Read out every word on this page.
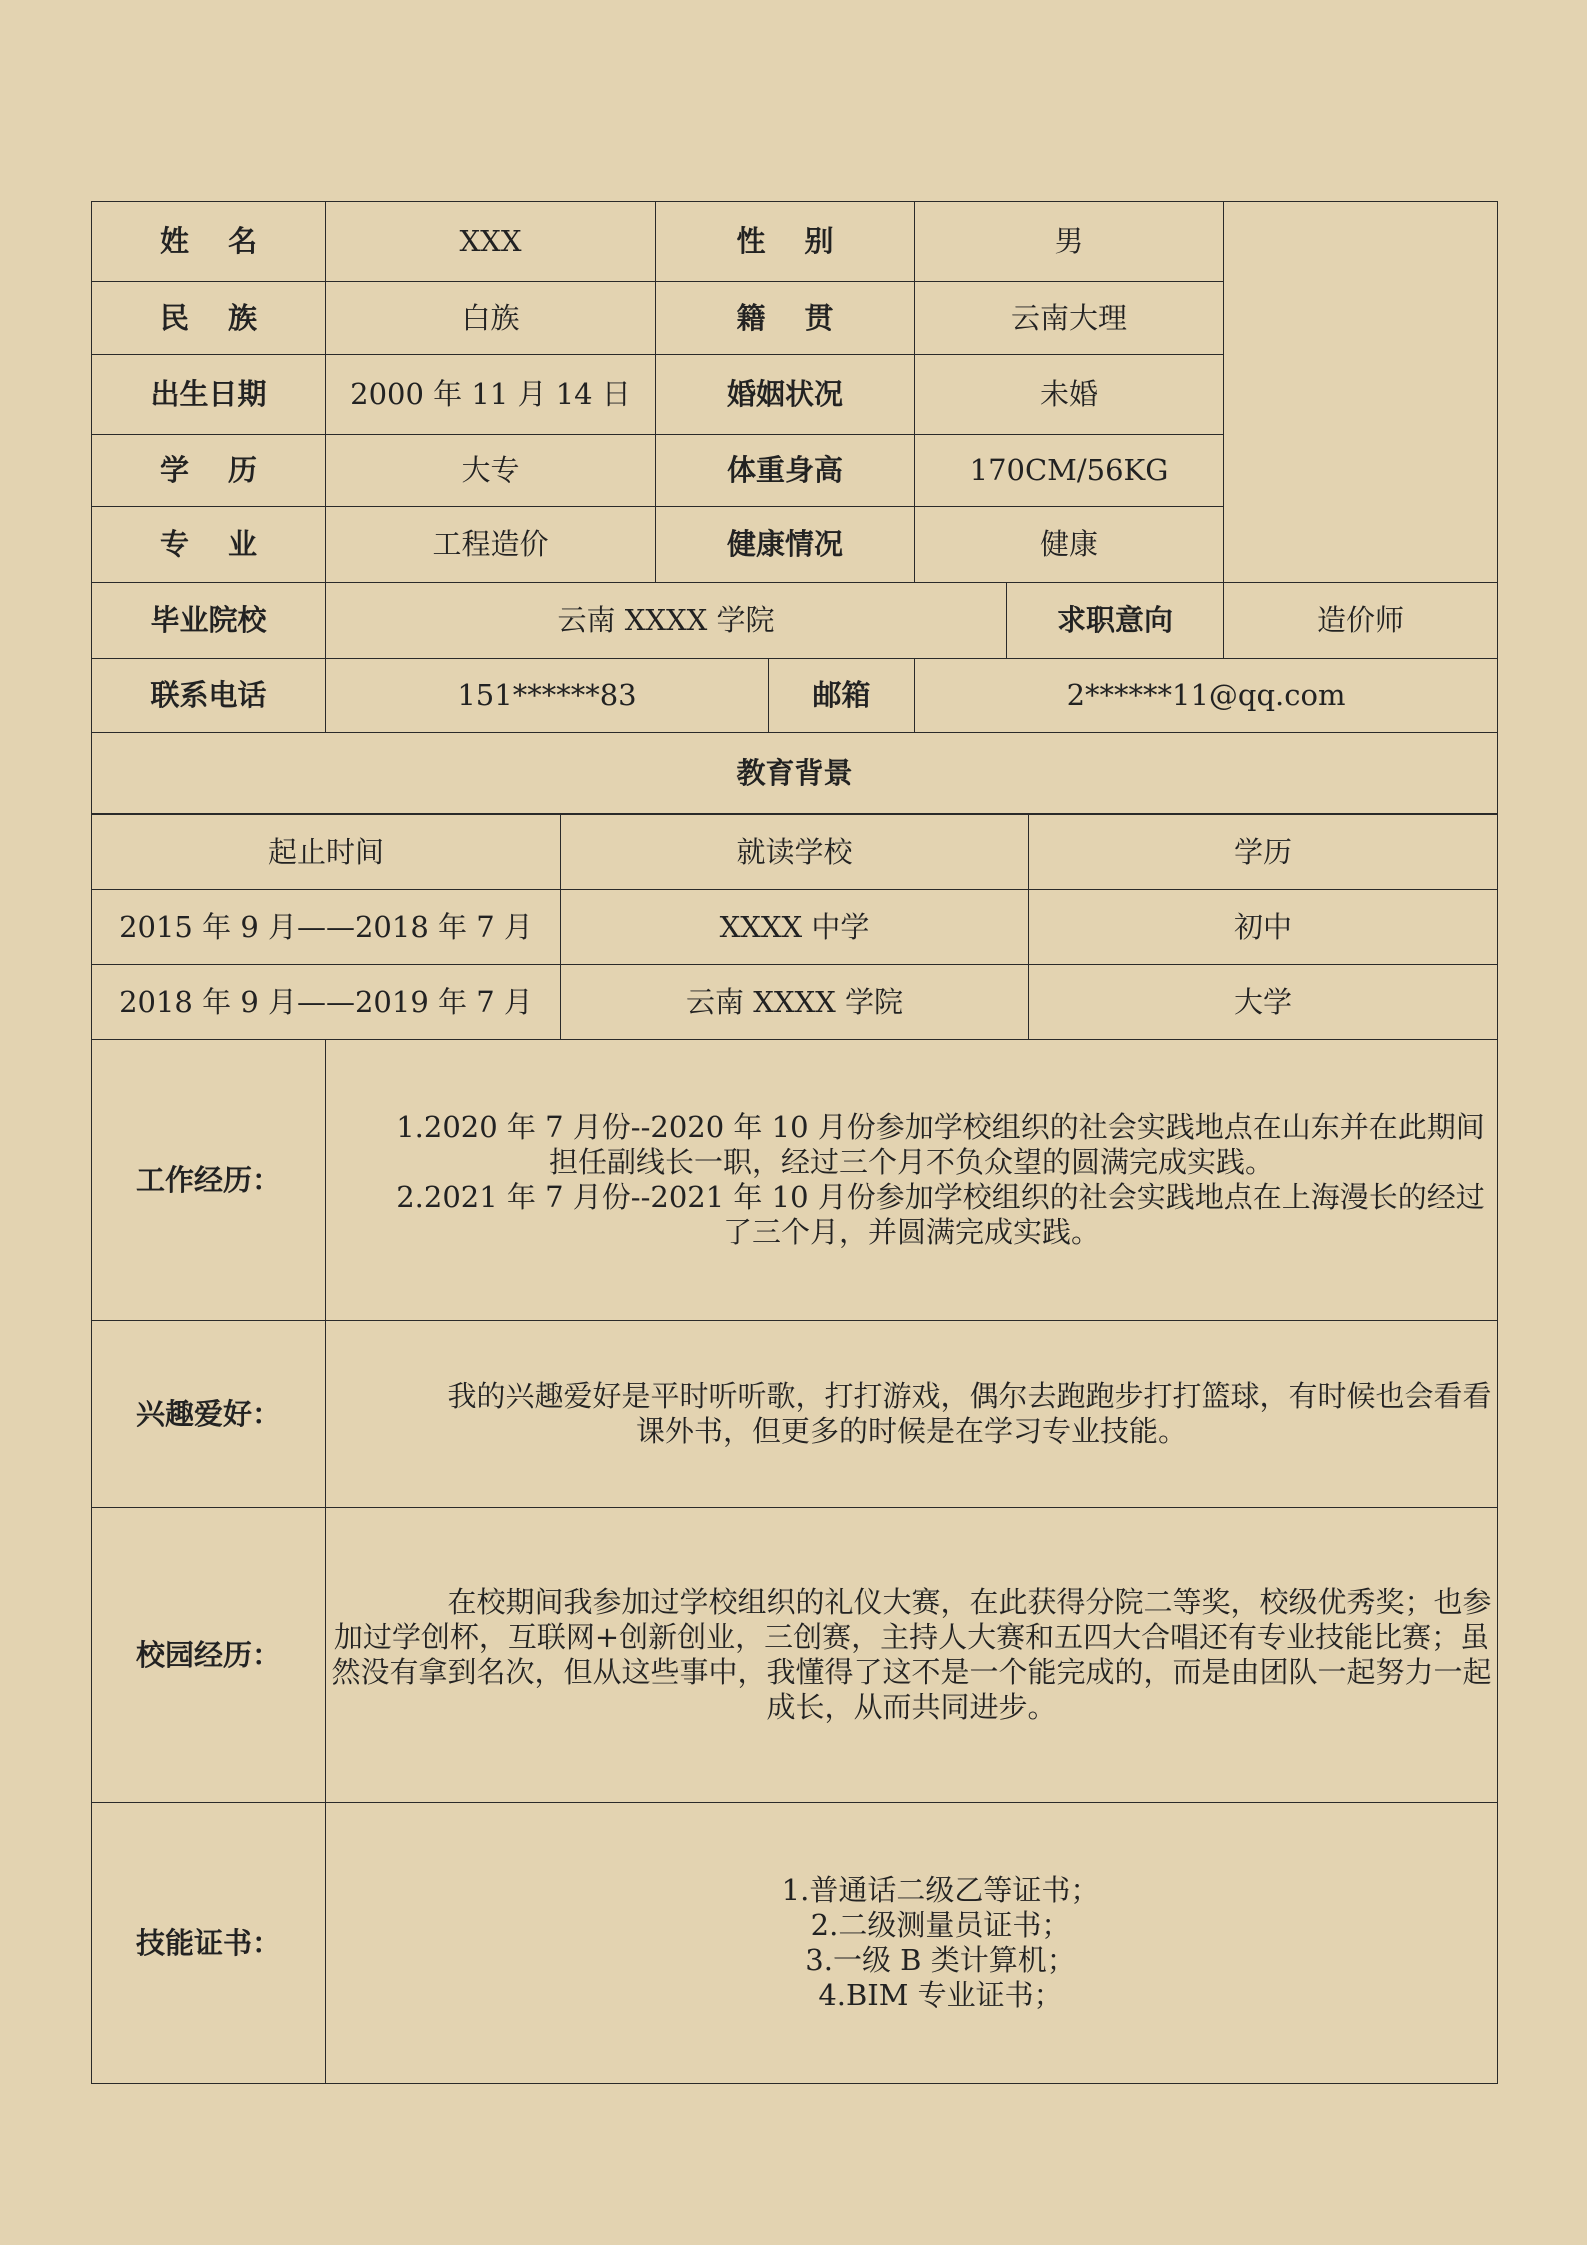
姓 名	XXX	性 别		男		
民 族	白族	籍 贯		云南大理		
出生日期	2000 年 11 月 14 日	婚姻状况		未婚		
学 历	大专	体重身高		170CM/56KG		
专 业	工程造价	健康情况		健康		
毕业院校	云南 XXXX 学院				求职意向	造价师
联系电话	151******83		邮箱	2******11@qq.com		
教育背景						
起止时间	就读学校	学历
2015 年 9 月——2018 年 7 月	XXXX 中学	初中
2018 年 9 月——2019 年 7 月	云南 XXXX 学院	大学
工作经历：	1.2020 年 7 月份--2020 年 10 月份参加学校组织的社会实践地点在山东并在此期间担任副线长一职，经过三个月不负众望的圆满完成实践。

2.2021 年 7 月份--2021 年 10 月份参加学校组织的社会实践地点在上海漫长的经过了三个月，并圆满完成实践。

兴趣爱好：	我的兴趣爱好是平时听听歌，打打游戏，偶尔去跑跑步打打篮球，有时候也会看看课外书，但更多的时候是在学习专业技能。

校园经历：	在校期间我参加过学校组织的礼仪大赛，在此获得分院二等奖，校级优秀奖；也参加过学创杯，互联网+创新创业，三创赛，主持人大赛和五四大合唱还有专业技能比赛；虽然没有拿到名次，但从这些事中，我懂得了这不是一个能完成的，而是由团队一起努力一起成长，从而共同进步。

技能证书：	1.普通话二级乙等证书；

2.二级测量员证书；

3.一级 B 类计算机；

4.BIM 专业证书；
